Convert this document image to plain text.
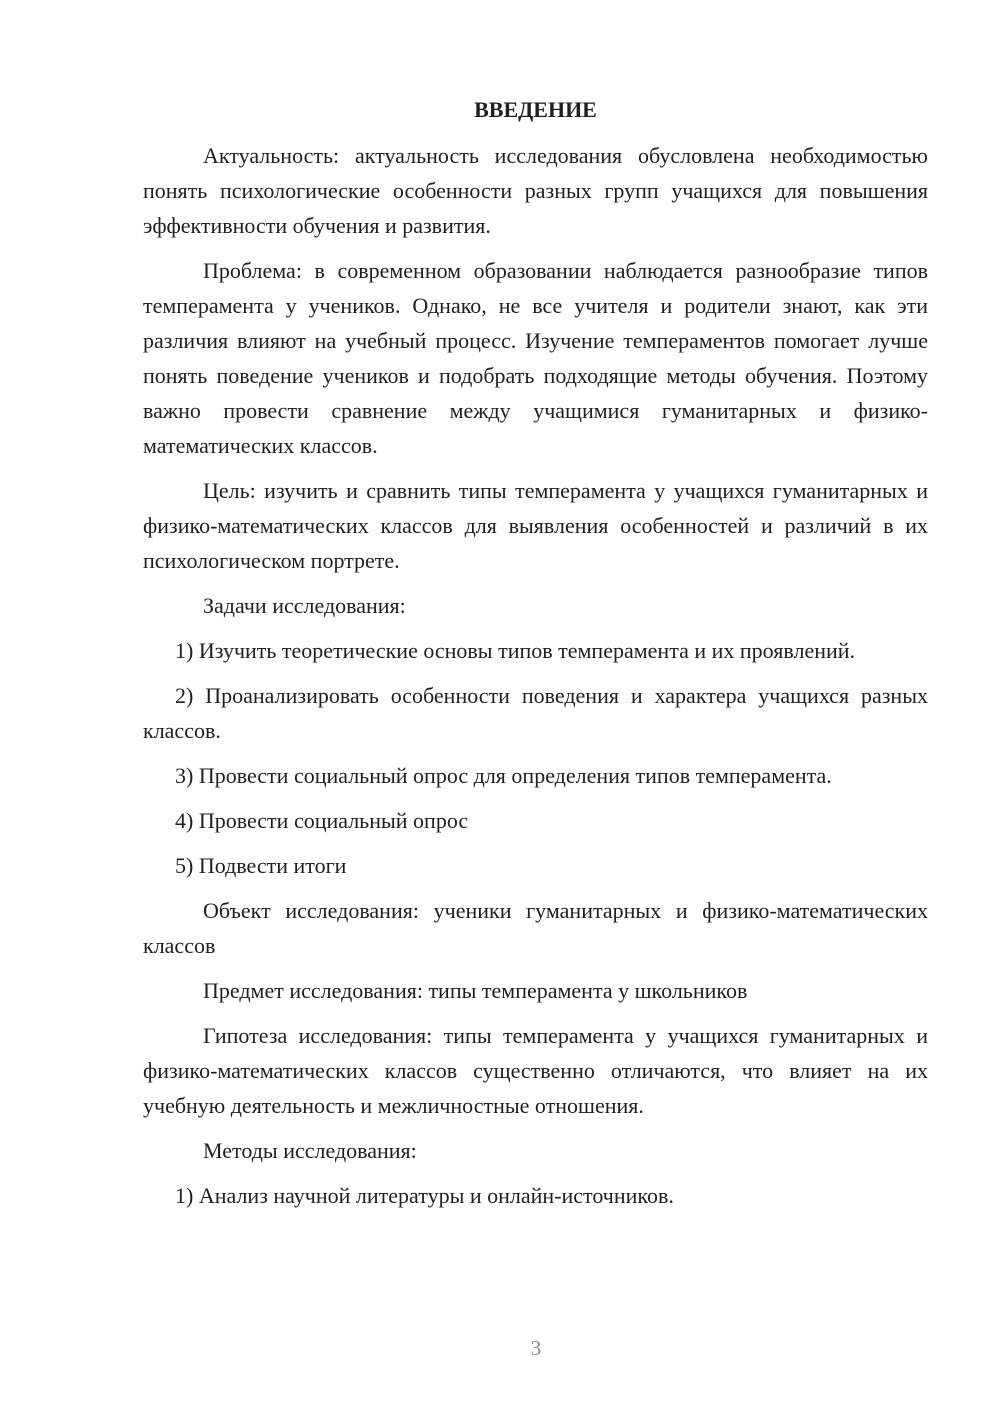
ВВЕДЕНИЕ

Актуальность: актуальность исследования обусловлена необходимостью понять психологические особенности разных групп учащихся для повышения эффективности обучения и развития.

Проблема: в современном образовании наблюдается разнообразие типов темперамента у учеников. Однако, не все учителя и родители знают, как эти различия влияют на учебный процесс. Изучение темпераментов помогает лучше понять поведение учеников и подобрать подходящие методы обучения. Поэтому важно провести сравнение между учащимися гуманитарных и физико-математических классов.

Цель: изучить и сравнить типы темперамента у учащихся гуманитарных и физико-математических классов для выявления особенностей и различий в их психологическом портрете.

Задачи исследования:

1) Изучить теоретические основы типов темперамента и их проявлений.

2) Проанализировать особенности поведения и характера учащихся разных классов.

3) Провести социальный опрос для определения типов темперамента.

4) Провести социальный опрос

5) Подвести итоги

Объект исследования: ученики гуманитарных и физико-математических классов

Предмет исследования: типы темперамента у школьников

Гипотеза исследования: типы темперамента у учащихся гуманитарных и физико-математических классов существенно отличаются, что влияет на их учебную деятельность и межличностные отношения.

Методы исследования:

1) Анализ научной литературы и онлайн-источников.

3
